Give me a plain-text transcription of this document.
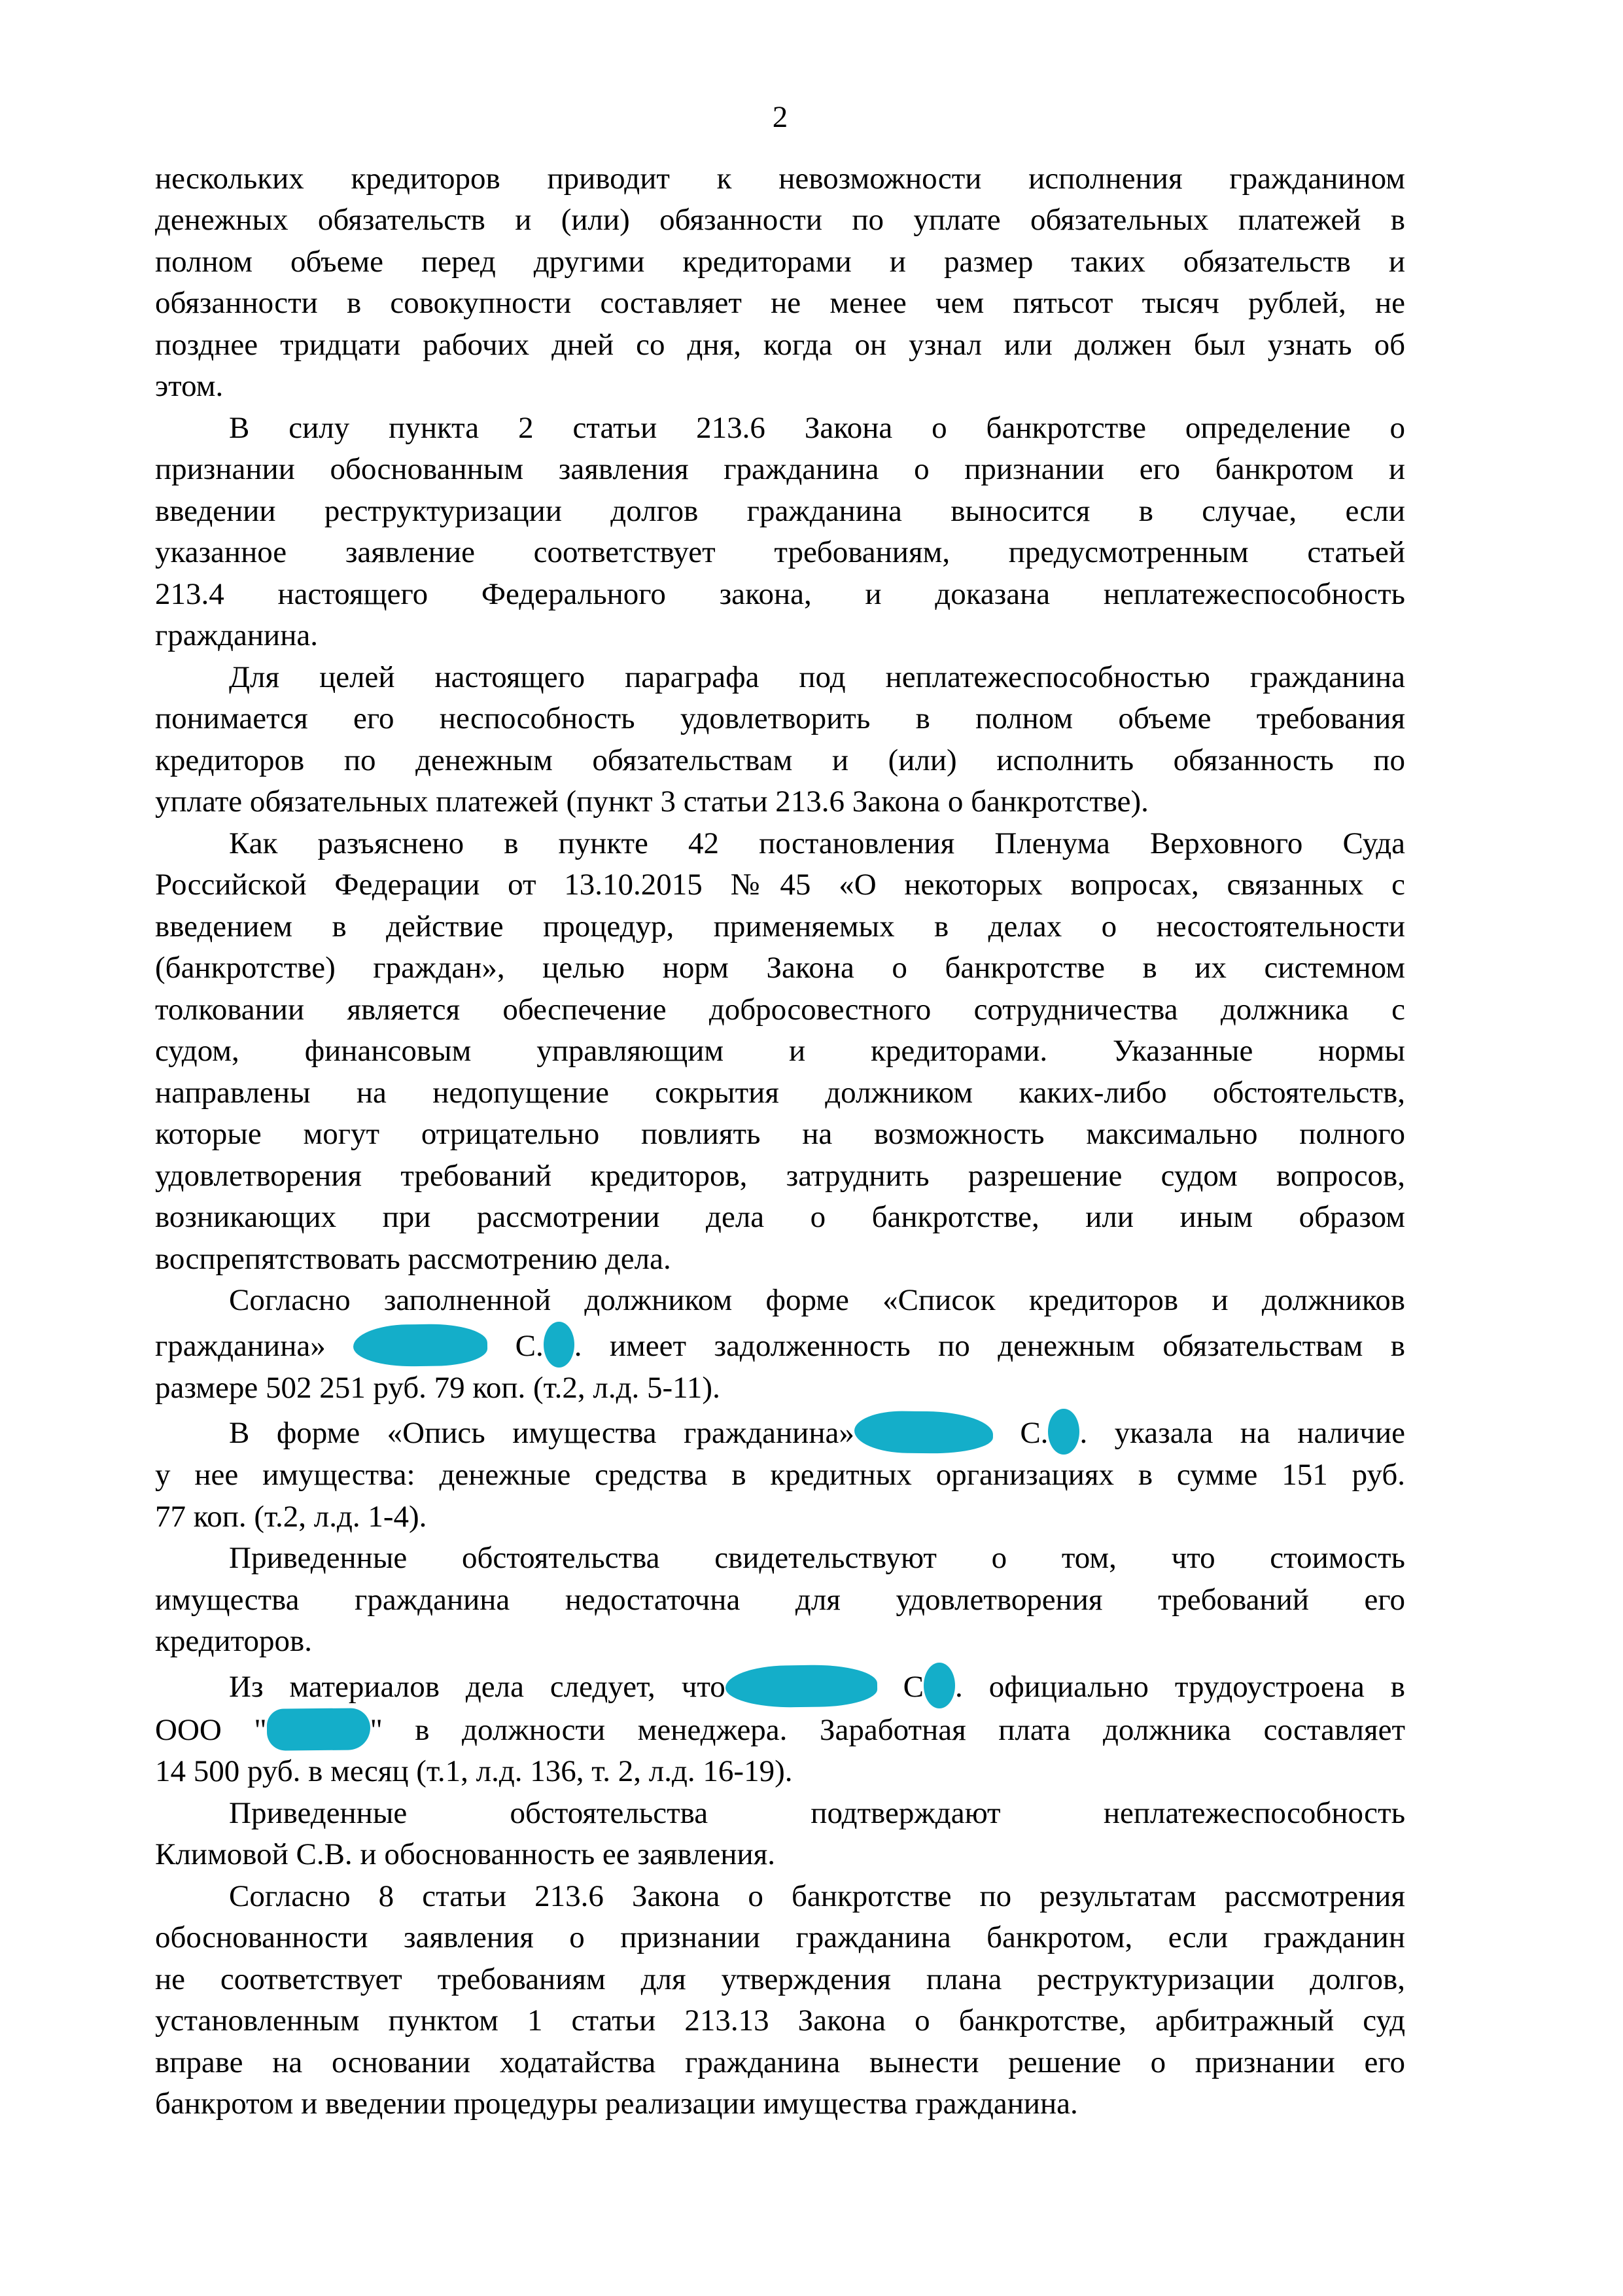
2
нескольких кредиторов приводит к невозможности исполнения гражданином
денежных обязательств и (или) обязанности по уплате обязательных платежей в
полном объеме перед другими кредиторами и размер таких обязательств и
обязанности в совокупности составляет не менее чем пятьсот тысяч рублей, не
позднее тридцати рабочих дней со дня, когда он узнал или должен был узнать об
этом.
В силу пункта 2 статьи 213.6 Закона о банкротстве определение о
признании обоснованным заявления гражданина о признании его банкротом и
введении реструктуризации долгов гражданина выносится в случае, если
указанное заявление соответствует требованиям, предусмотренным статьей
213.4 настоящего Федерального закона, и доказана неплатежеспособность
гражданина.
Для целей настоящего параграфа под неплатежеспособностью гражданина
понимается его неспособность удовлетворить в полном объеме требования
кредиторов по денежным обязательствам и (или) исполнить обязанность по
уплате обязательных платежей (пункт 3 статьи 213.6 Закона о банкротстве).
Как разъяснено в пункте 42 постановления Пленума Верховного Суда
Российской Федерации от 13.10.2015 №45 «О некоторых вопросах, связанных с
введением в действие процедур, применяемых в делах о несостоятельности
(банкротстве) граждан», целью норм Закона о банкротстве в их системном
толковании является обеспечение добросовестного сотрудничества должника с
судом, финансовым управляющим и кредиторами. Указанные нормы
направлены на недопущение сокрытия должником каких-либо обстоятельств,
которые могут отрицательно повлиять на возможность максимально полного
удовлетворения требований кредиторов, затруднить разрешение судом вопросов,
возникающих при рассмотрении дела о банкротстве, или иным образом
воспрепятствовать рассмотрению дела.
Согласно заполненной должником форме «Список кредиторов и должников
гражданина»	С. . имеет задолженность по денежным обязательствам в
размере 502 251 руб. 79 коп. (т.2, л.д. 5-11).
В форме «Опись имущества гражданина»	С. . указала на наличие
у нее имущества: денежные средства в кредитных организациях в сумме 151 руб.
77 коп. (т.2, л.д. 1-4).
Приведенные обстоятельства свидетельствуют о том, что стоимость
имущества гражданина недостаточна для удовлетворения требований его
кредиторов.
Из материалов дела следует, что	С . официально трудоустроена в
ООО "	" в должности менеджера. Заработная плата должника составляет
14 500 руб. в месяц (т.1, л.д. 136, т. 2, л.д. 16-19).
Приведенные обстоятельства подтверждают неплатежеспособность
Климовой С.В. и обоснованность ее заявления.
Согласно 8 статьи 213.6 Закона о банкротстве по результатам рассмотрения
обоснованности заявления о признании гражданина банкротом, если гражданин
не соответствует требованиям для утверждения плана реструктуризации долгов,
установленным пунктом 1 статьи 213.13 Закона о банкротстве, арбитражный суд
вправе на основании ходатайства гражданина вынести решение о признании его
банкротом и введении процедуры реализации имущества гражданина.
